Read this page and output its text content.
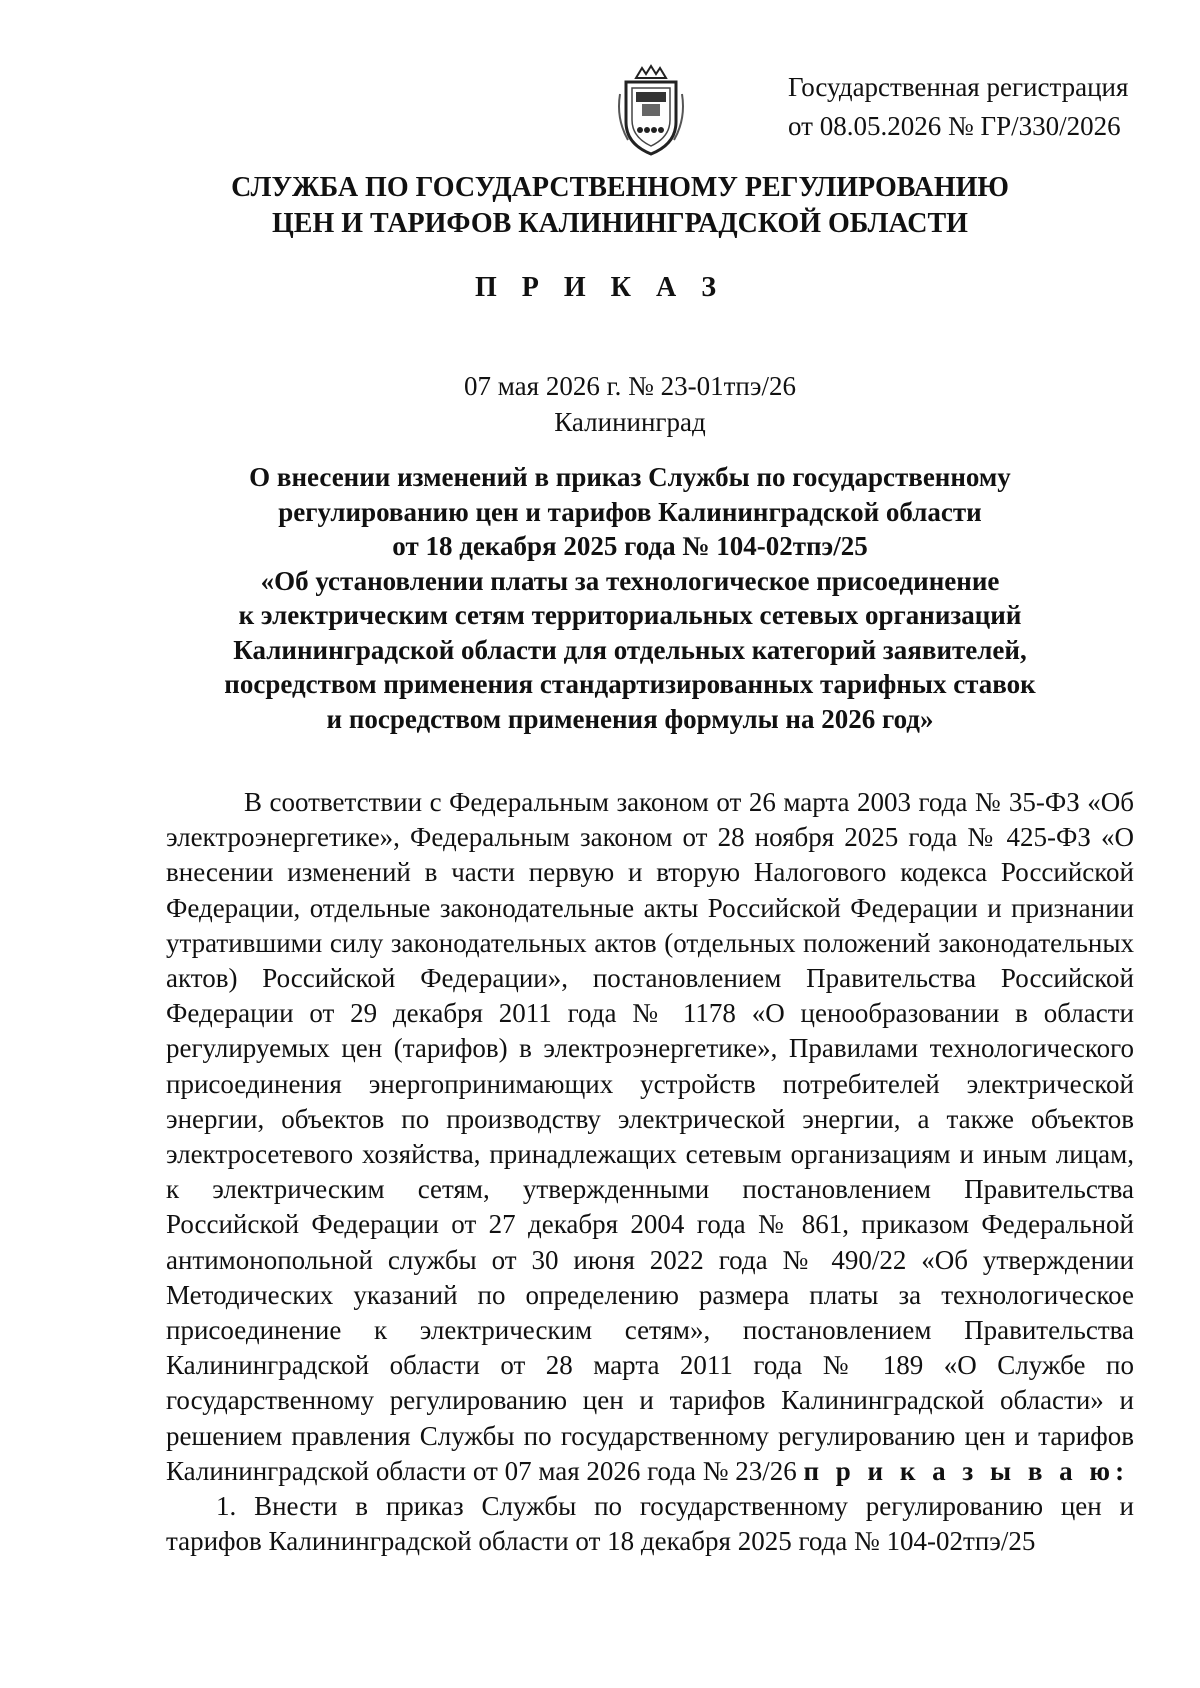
Государственная регистрация
от 08.05.2026 № ГР/330/2026
СЛУЖБА ПО ГОСУДАРСТВЕННОМУ РЕГУЛИРОВАНИЮ
ЦЕН И ТАРИФОВ КАЛИНИНГРАДСКОЙ ОБЛАСТИ
П Р И К А З
07 мая 2026 г. № 23-01тпэ/26
Калининград
О внесении изменений в приказ Службы по государственному
регулированию цен и тарифов Калининградской области
от 18 декабря 2025 года № 104-02тпэ/25
«Об установлении платы за технологическое присоединение
к электрическим сетям территориальных сетевых организаций
Калининградской области для отдельных категорий заявителей,
посредством применения стандартизированных тарифных ставок
и посредством применения формулы на 2026 год»

В соответствии с Федеральным законом от 26 марта 2003 года № 35-ФЗ «Об электроэнергетике», Федеральным законом от 28 ноября 2025 года № 425-ФЗ «О внесении изменений в части первую и вторую Налогового кодекса Российской Федерации, отдельные законодательные акты Российской Федерации и признании утратившими силу законодательных актов (отдельных положений законодательных актов) Российской Федерации», постановлением Правительства Российской Федерации от 29 декабря 2011 года № 1178 «О ценообразовании в области регулируемых цен (тарифов) в электроэнергетике», Правилами технологического присоединения энергопринимающих устройств потребителей электрической энергии, объектов по производству электрической энергии, а также объектов электросетевого хозяйства, принадлежащих сетевым организациям и иным лицам, к электрическим сетям, утвержденными постановлением Правительства Российской Федерации от 27 декабря 2004 года № 861, приказом Федеральной антимонопольной службы от 30 июня 2022 года № 490/22 «Об утверждении Методических указаний по определению размера платы за технологическое присоединение к электрическим сетям», постановлением Правительства Калининградской области от 28 марта 2011 года № 189 «О Службе по государственному регулированию цен и тарифов Калининградской области» и решением правления Службы по государственному регулированию цен и тарифов Калининградской области от 07 мая 2026 года № 23/26 п р и к а з ы в а ю:

1. Внести в приказ Службы по государственному регулированию цен и тарифов Калининградской области от 18 декабря 2025 года № 104-02тпэ/25
